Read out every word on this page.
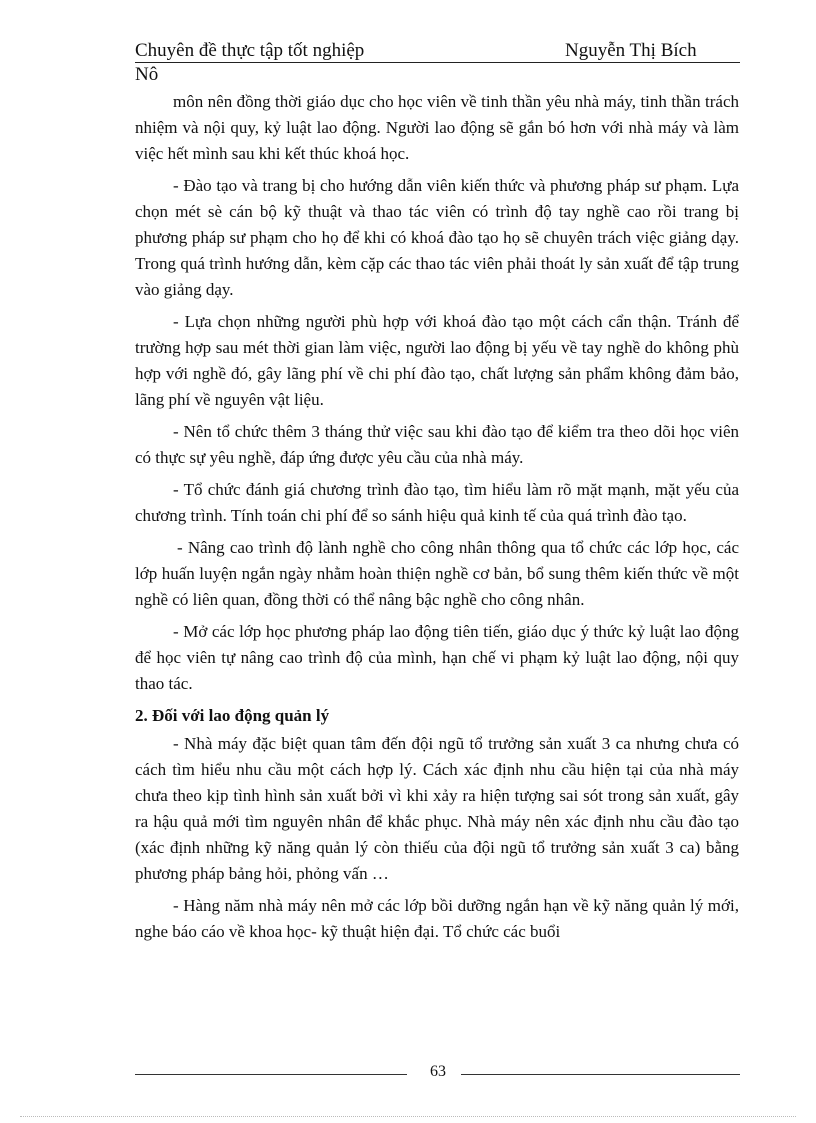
Chuyên đề thực tập tốt nghiệp	Nguyễn Thị Bích
Nô

môn nên đồng thời giáo dục cho học viên về tinh thần yêu nhà máy, tinh thần trách nhiệm và nội quy, kỷ luật lao động. Người lao động sẽ gắn bó hơn với nhà máy và làm việc hết mình sau khi kết thúc khoá học.

- Đào tạo và trang bị cho hướng dẫn viên kiến thức và phương pháp sư phạm. Lựa chọn mét sè cán bộ kỹ thuật và thao tác viên có trình độ tay nghề cao rồi trang bị phương pháp sư phạm cho họ để khi có khoá đào tạo họ sẽ chuyên trách việc giảng dạy. Trong quá trình hướng dẫn, kèm cặp các thao tác viên phải thoát ly sản xuất để tập trung vào giảng dạy.

- Lựa chọn những người phù hợp với khoá đào tạo một cách cẩn thận. Tránh để trường hợp sau mét thời gian làm việc, người lao động bị yếu về tay nghề do không phù hợp với nghề đó, gây lãng phí về chi phí đào tạo, chất lượng sản phẩm không đảm bảo, lãng phí về nguyên vật liệu.

- Nên tổ chức thêm 3 tháng thử việc sau khi đào tạo để kiểm tra theo dõi học viên có thực sự yêu nghề, đáp ứng được yêu cầu của nhà máy.

- Tổ chức đánh giá chương trình đào tạo, tìm hiểu làm rõ mặt mạnh, mặt yếu của chương trình. Tính toán chi phí để so sánh hiệu quả kinh tế của quá trình đào tạo.

- Nâng cao trình độ lành nghề cho công nhân thông qua tổ chức các lớp học, các lớp huấn luyện ngắn ngày nhằm hoàn thiện nghề cơ bản, bổ sung thêm kiến thức về một nghề có liên quan, đồng thời có thể nâng bậc nghề cho công nhân.

- Mở các lớp học phương pháp lao động tiên tiến, giáo dục ý thức kỷ luật lao động để học viên tự nâng cao trình độ của mình, hạn chế vi phạm kỷ luật lao động, nội quy thao tác.

2. Đối với lao động quản lý

- Nhà máy đặc biệt quan tâm đến đội ngũ tổ trưởng sản xuất 3 ca nhưng chưa có cách tìm hiểu nhu cầu một cách hợp lý. Cách xác định nhu cầu hiện tại của nhà máy chưa theo kịp tình hình sản xuất bởi vì khi xảy ra hiện tượng sai sót trong sản xuất, gây ra hậu quả mới tìm nguyên nhân để khắc phục. Nhà máy nên xác định nhu cầu đào tạo (xác định những kỹ năng quản lý còn thiếu của đội ngũ tổ trưởng sản xuất 3 ca) bằng phương pháp bảng hỏi, phỏng vấn …

- Hàng năm nhà máy nên mở các lớp bồi dưỡng ngắn hạn về kỹ năng quản lý mới, nghe báo cáo về khoa học- kỹ thuật hiện đại. Tổ chức các buổi

63
